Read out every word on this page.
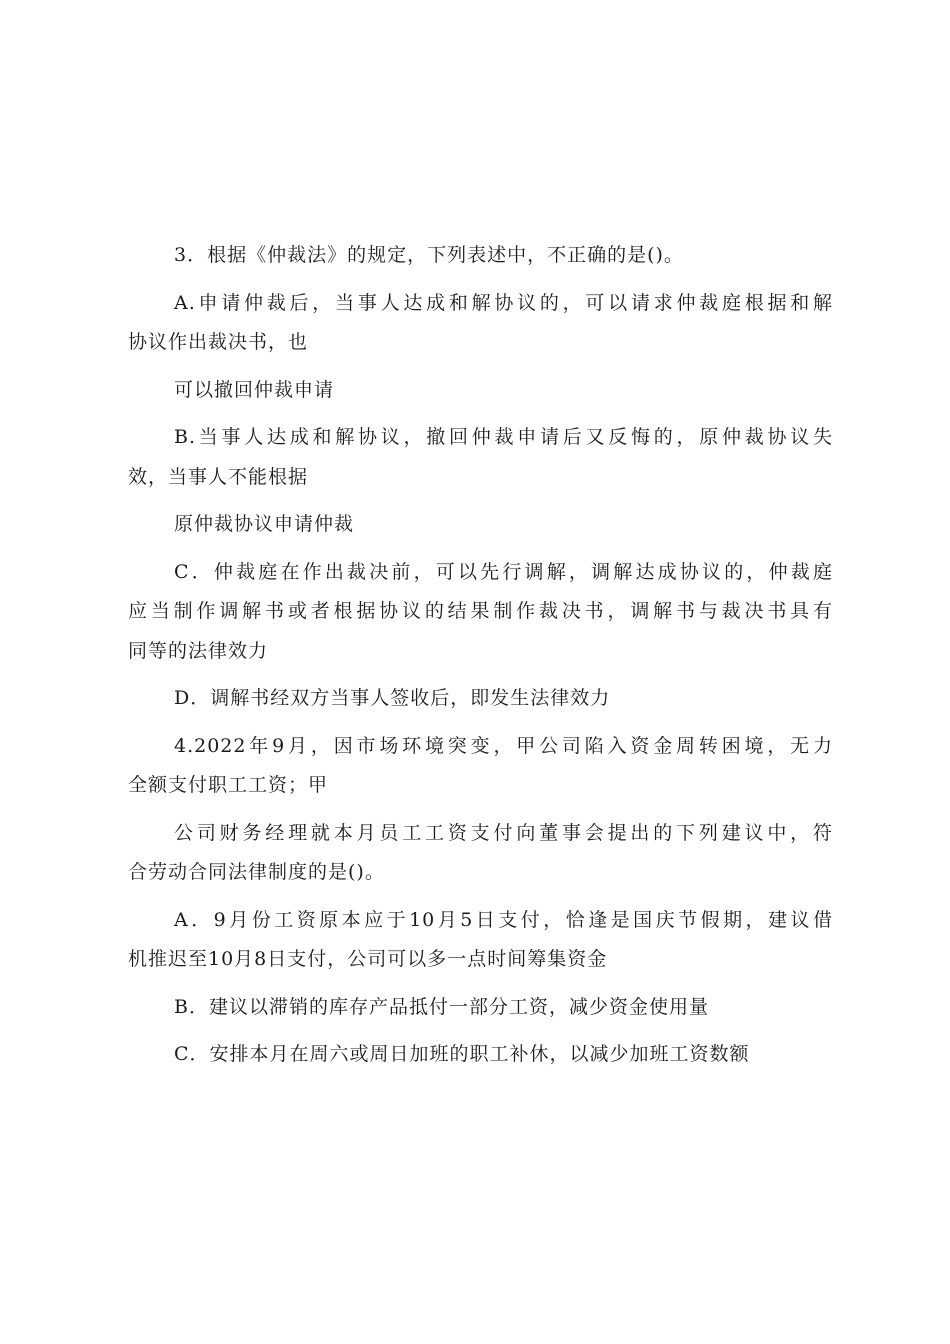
3．根据《仲裁法》的规定，下列表述中，不正确的是()。
A.申请仲裁后，当事人达成和解协议的，可以请求仲裁庭根据和解
协议作出裁决书，也
可以撤回仲裁申请
B.当事人达成和解协议，撤回仲裁申请后又反悔的，原仲裁协议失
效，当事人不能根据
原仲裁协议申请仲裁
C．仲裁庭在作出裁决前，可以先行调解，调解达成协议的，仲裁庭
应当制作调解书或者根据协议的结果制作裁决书，调解书与裁决书具有
同等的法律效力
D．调解书经双方当事人签收后，即发生法律效力
4.2022年9月，因市场环境突变，甲公司陷入资金周转困境，无力
全额支付职工工资；甲
公司财务经理就本月员工工资支付向董事会提出的下列建议中，符
合劳动合同法律制度的是()。
A．9月份工资原本应于10月5日支付，恰逢是国庆节假期，建议借
机推迟至10月8日支付，公司可以多一点时间筹集资金
B．建议以滞销的库存产品抵付一部分工资，减少资金使用量
C．安排本月在周六或周日加班的职工补休，以减少加班工资数额
